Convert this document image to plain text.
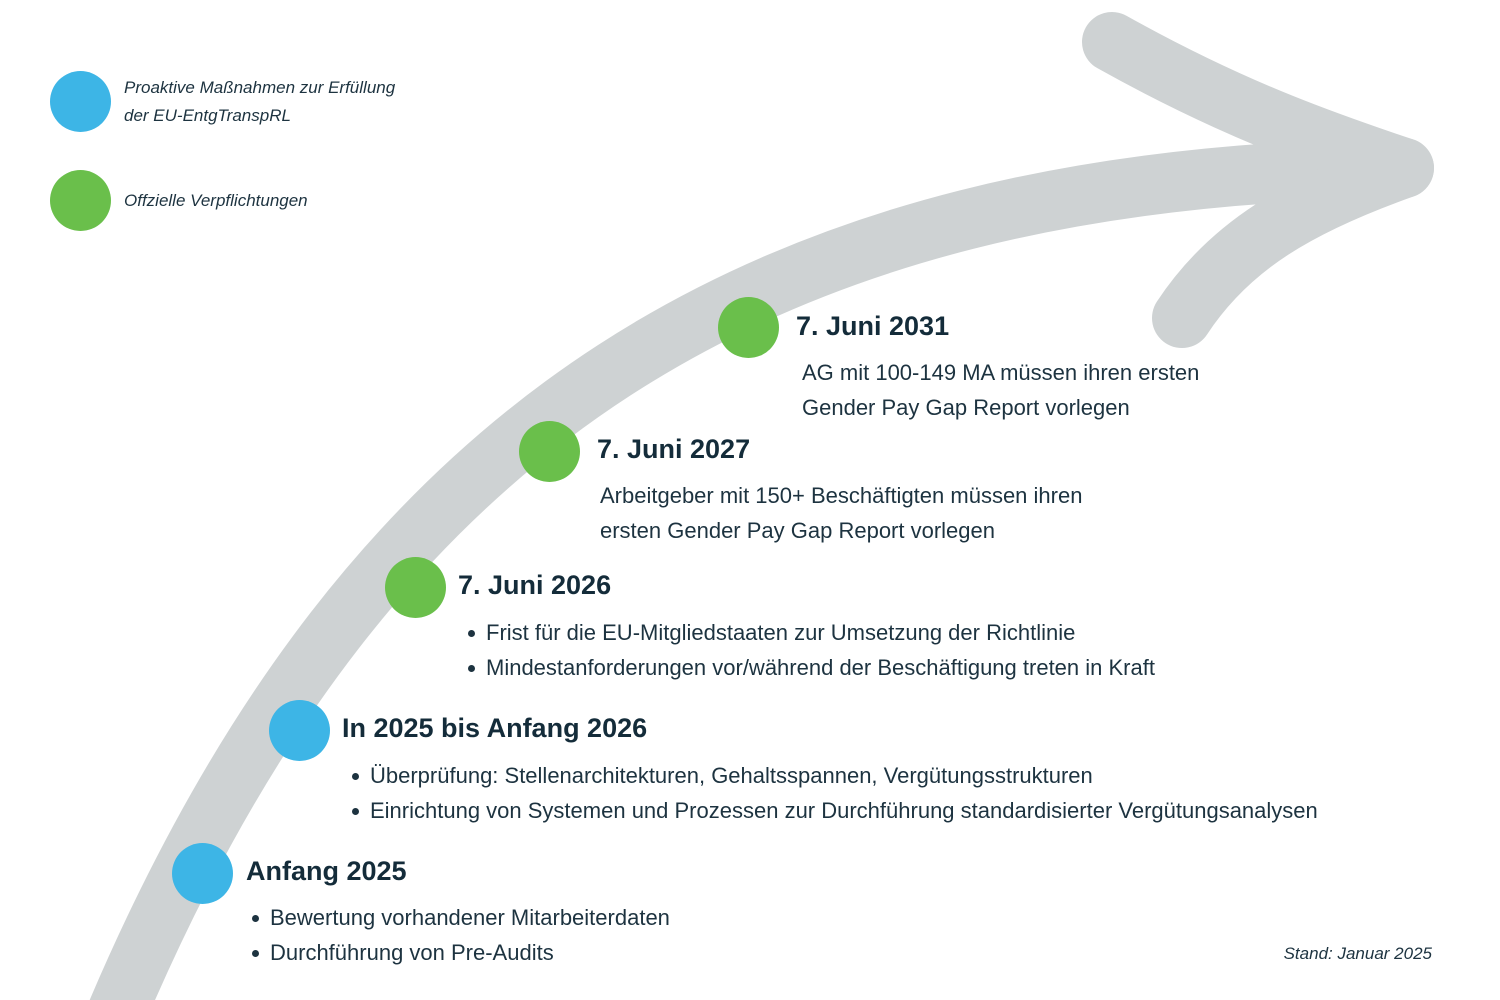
Proaktive Maßnahmen zur Erfüllung
der EU-EntgTranspRL
Offzielle Verpflichtungen
7. Juni 2031
AG mit 100-149 MA müssen ihren ersten
Gender Pay Gap Report vorlegen
7. Juni 2027
Arbeitgeber mit 150+ Beschäftigten müssen ihren
ersten Gender Pay Gap Report vorlegen
7. Juni 2026
Frist für die EU-Mitgliedstaaten zur Umsetzung der Richtlinie
Mindestanforderungen vor/während der Beschäftigung treten in Kraft
In 2025 bis Anfang 2026
Überprüfung: Stellenarchitekturen, Gehaltsspannen, Vergütungsstrukturen
Einrichtung von Systemen und Prozessen zur Durchführung standardisierter Vergütungsanalysen
Anfang 2025
Bewertung vorhandener Mitarbeiterdaten
Durchführung von Pre-Audits	Stand: Januar 2025
